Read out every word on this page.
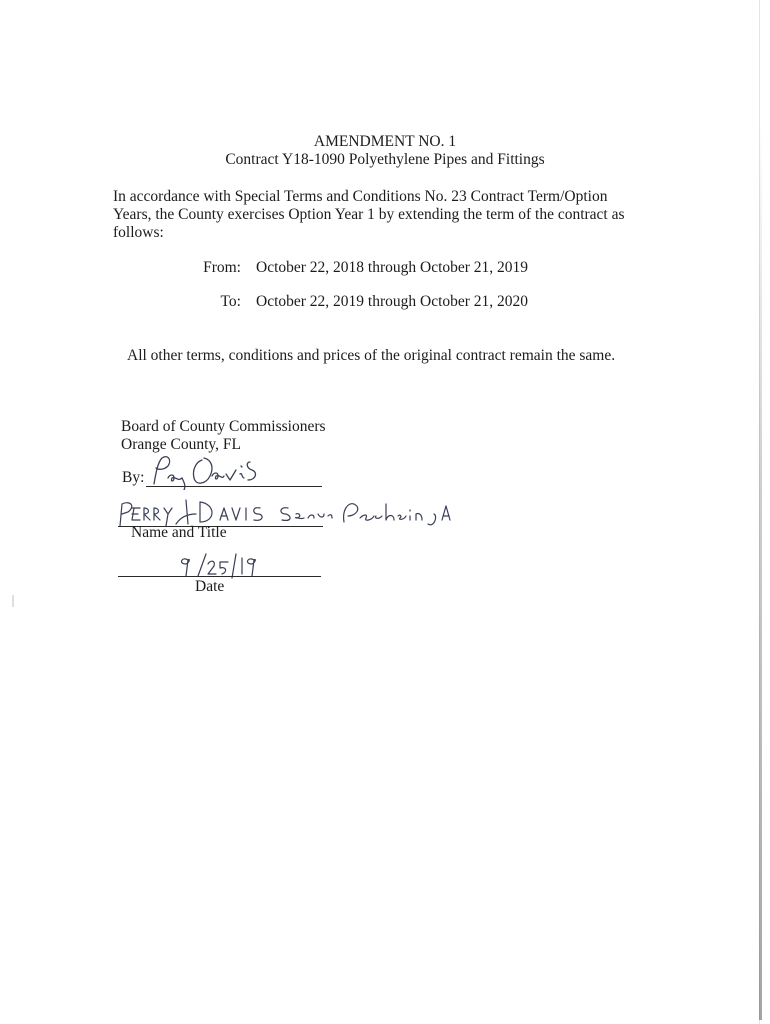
AMENDMENT NO. 1
Contract Y18-1090 Polyethylene Pipes and Fittings
In accordance with Special Terms and Conditions No. 23 Contract Term/Option
Years, the County exercises Option Year 1 by extending the term of the contract as
follows:
From: October 22, 2018 through October 21, 2019
To: October 22, 2019 through October 21, 2020
All other terms, conditions and prices of the original contract remain the same.
Board of County Commissioners
Orange County, FL
By:
Name and Title
Date
